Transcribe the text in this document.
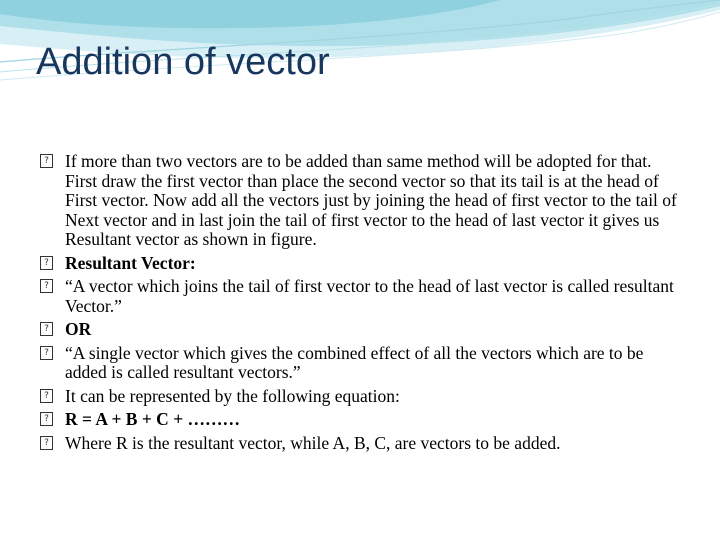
Addition of vector
? If more than two vectors are to be added than same method will be adopted for that. First draw the first vector than place the second vector so that its tail is at the head of First vector. Now add all the vectors just by joining the head of first vector to the tail of Next vector and in last join the tail of first vector to the head of last vector it gives us Resultant vector as shown in figure.
? Resultant Vector:
? “A vector which joins the tail of first vector to the head of last vector is called resultant Vector.”
? OR
? “A single vector which gives the combined effect of all the vectors which are to be added is called resultant vectors.”
? It can be represented by the following equation:
? R = A + B + C + ………
? Where R is the resultant vector, while A, B, C, are vectors to be added.
